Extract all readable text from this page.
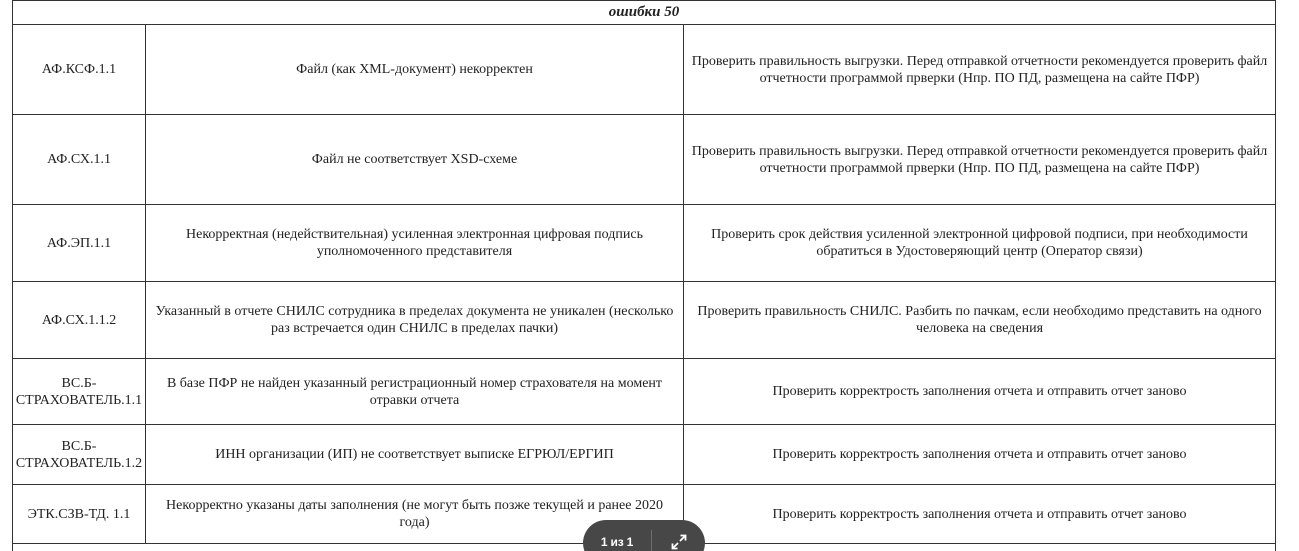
ошибки 50		
АФ.КСФ.1.1	Файл (как XML-документ) некорректен	Проверить правильность выгрузки. Перед отправкой отчетности рекомендуется проверить файл отчетности программой прверки (Нпр. ПО ПД, размещена на сайте ПФР)
АФ.СХ.1.1	Файл не соответствует XSD-схеме	Проверить правильность выгрузки. Перед отправкой отчетности рекомендуется проверить файл отчетности программой прверки (Нпр. ПО ПД, размещена на сайте ПФР)
АФ.ЭП.1.1	Некорректная (недействительная) усиленная электронная цифровая подпись уполномоченного представителя	Проверить срок действия усиленной электронной цифровой подписи, при необходимости обратиться в Удостоверяющий центр (Оператор связи)
АФ.СХ.1.1.2	Указанный в отчете СНИЛС сотрудника в пределах документа не уникален (несколько раз встречается один СНИЛС в пределах пачки)	Проверить правильность СНИЛС. Разбить по пачкам, если необходимо представить на одного человека на сведения
ВС.Б-СТРАХОВАТЕЛЬ.1.1	В базе ПФР не найден указанный регистрационный номер страхователя на момент отравки отчета	Проверить корректрость заполнения отчета и отправить отчет заново
ВС.Б-СТРАХОВАТЕЛЬ.1.2	ИНН организации (ИП) не соответствует выписке ЕГРЮЛ/ЕРГИП	Проверить корректрость заполнения отчета и отправить отчет заново
ЭТК.СЗВ-ТД. 1.1	Некорректно указаны даты заполнения (не могут быть позже текущей и ранее 2020 года)	Проверить корректрость заполнения отчета и отправить отчет заново

1 из 1
